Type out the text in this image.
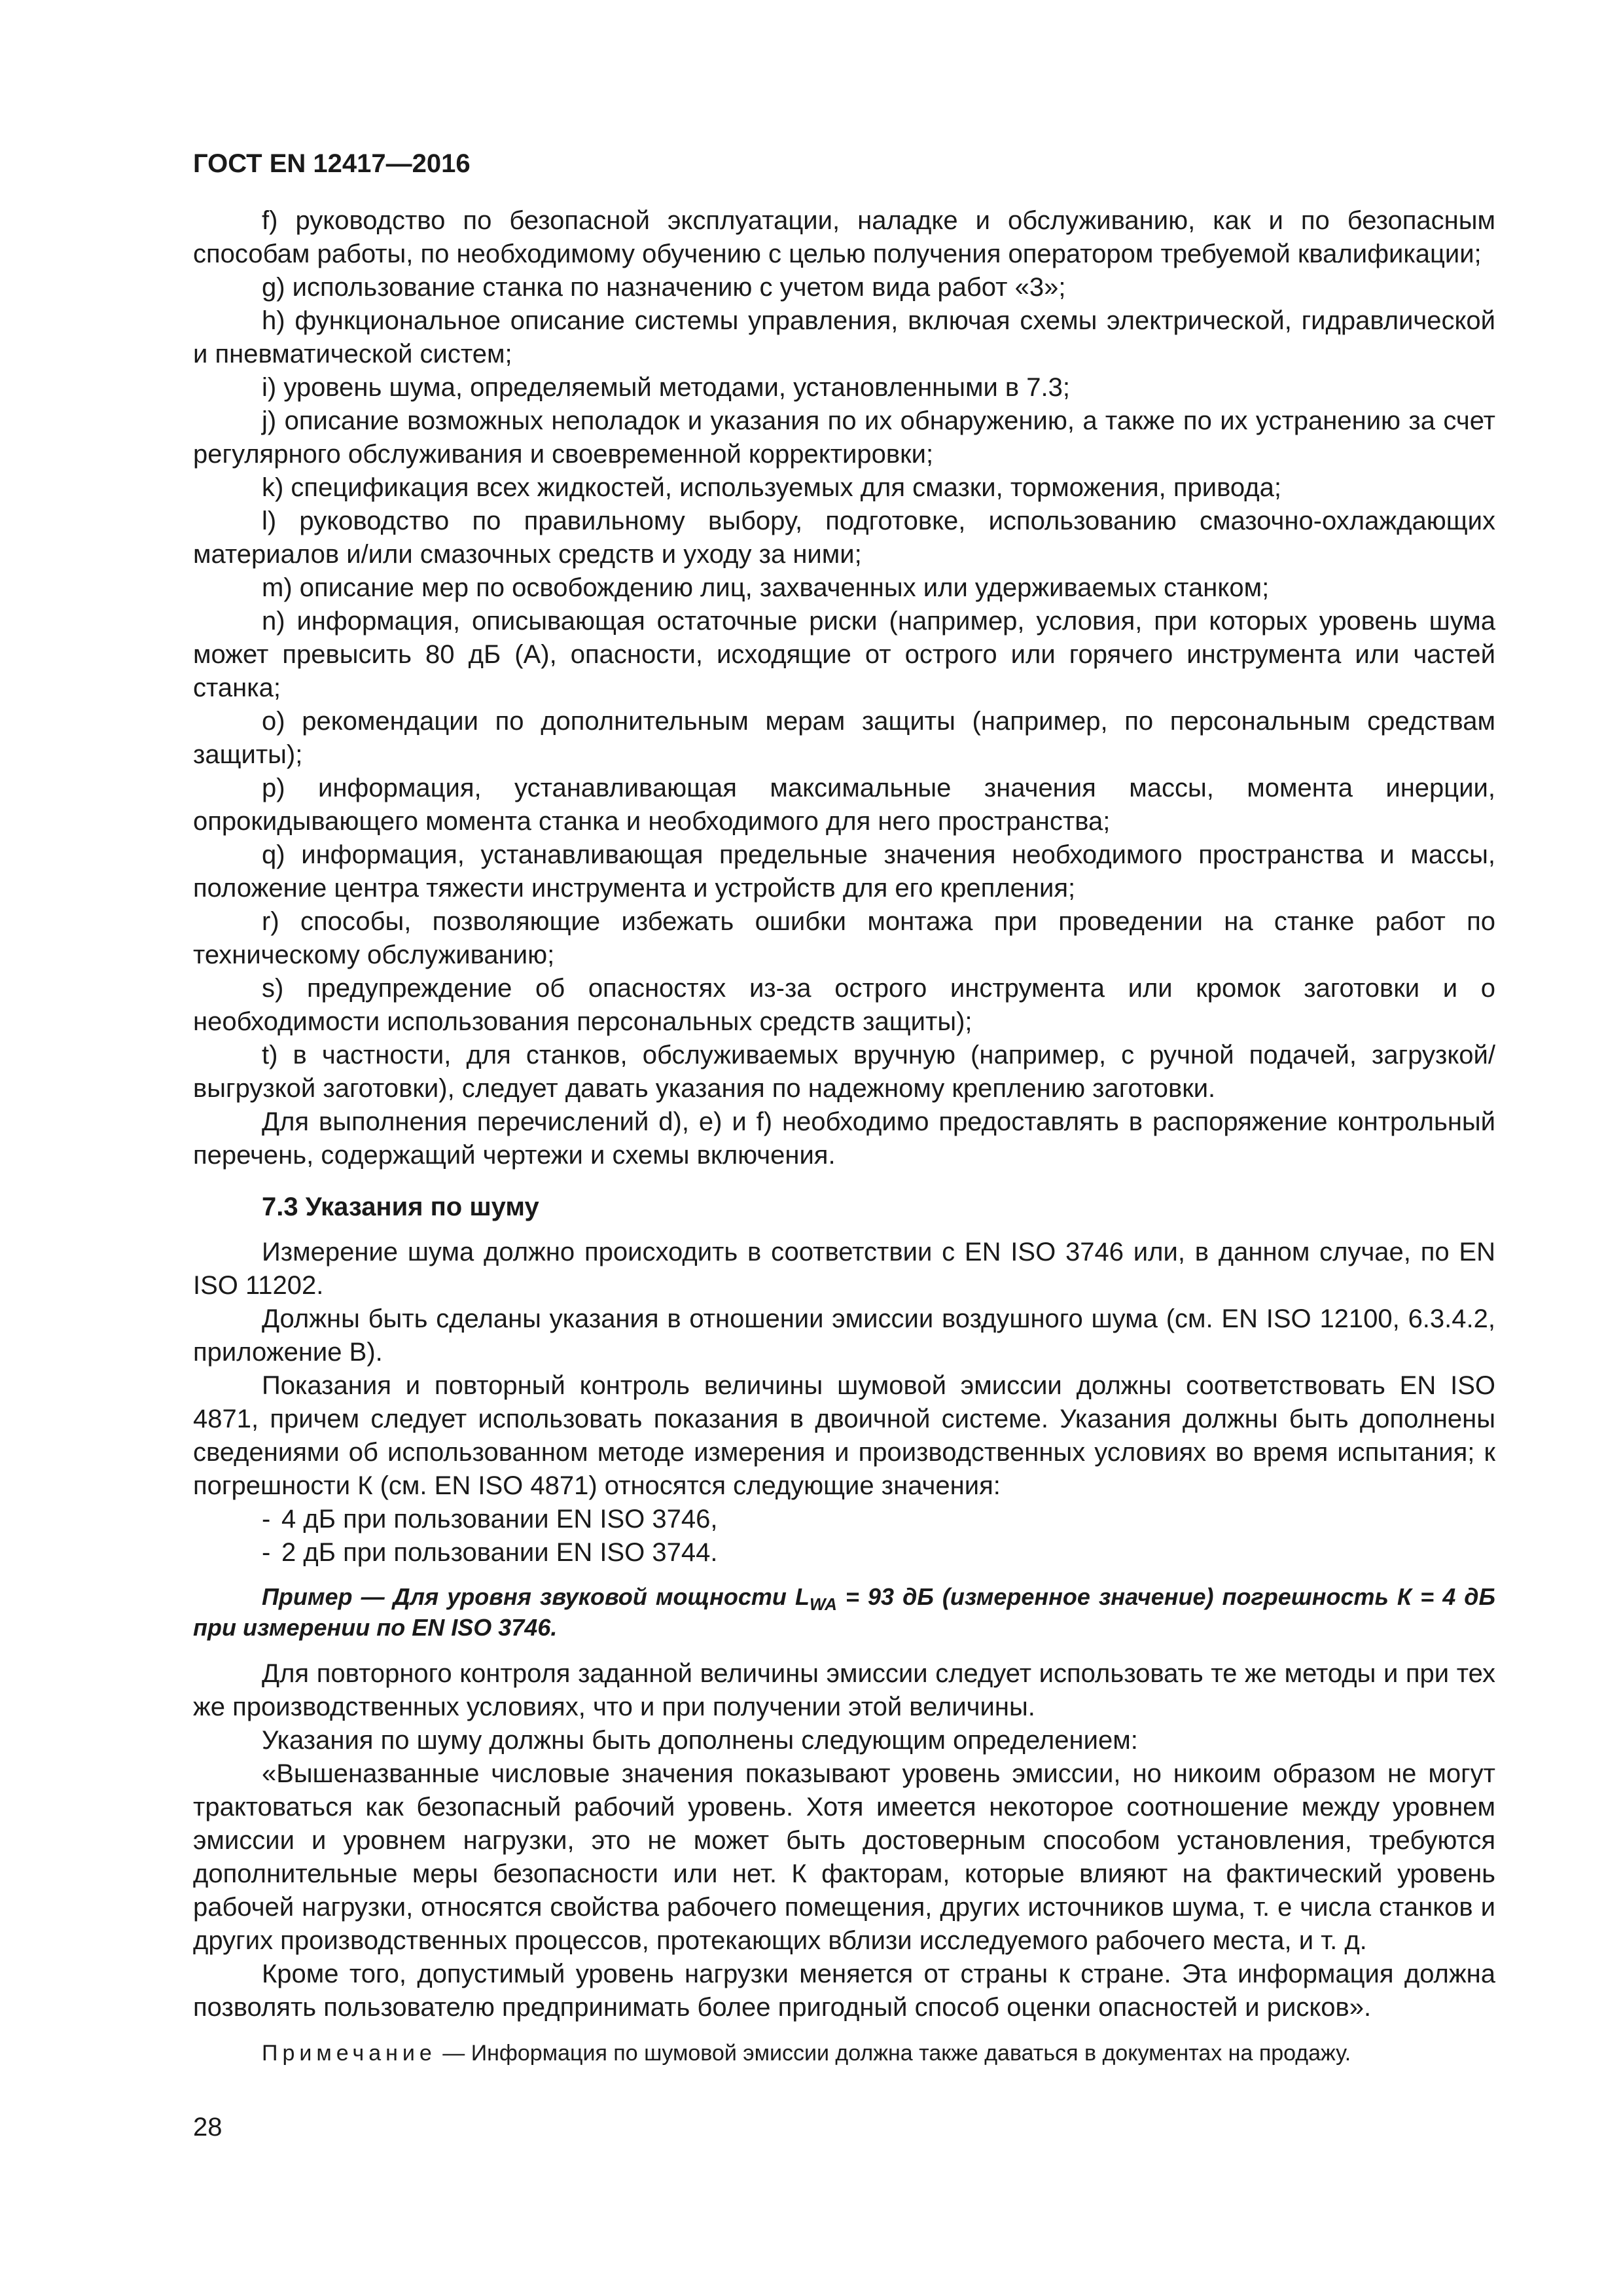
ГОСТ EN 12417—2016

f) руководство по безопасной эксплуатации, наладке и обслуживанию, как и по безопасным способам работы, по необходимому обучению с целью получения оператором требуемой квалификации;

g) использование станка по назначению с учетом вида работ «3»;

h) функциональное описание системы управления, включая схемы электрической, гидравлической и пневматической систем;

i) уровень шума, определяемый методами, установленными в 7.3;

j) описание возможных неполадок и указания по их обнаружению, а также по их устранению за счет регулярного обслуживания и своевременной корректировки;

k) спецификация всех жидкостей, используемых для смазки, торможения, привода;

l) руководство по правильному выбору, подготовке, использованию смазочно-охлаждающих материалов и/или смазочных средств и уходу за ними;

m) описание мер по освобождению лиц, захваченных или удерживаемых станком;

n) информация, описывающая остаточные риски (например, условия, при которых уровень шума может превысить 80 дБ (А), опасности, исходящие от острого или горячего инструмента или частей станка;

o) рекомендации по дополнительным мерам защиты (например, по персональным средствам защиты);

p) информация, устанавливающая максимальные значения массы, момента инерции, опрокидывающего момента станка и необходимого для него пространства;

q) информация, устанавливающая предельные значения необходимого пространства и массы, положение центра тяжести инструмента и устройств для его крепления;

r) способы, позволяющие избежать ошибки монтажа при проведении на станке работ по техническому обслуживанию;

s) предупреждение об опасностях из-за острого инструмента или кромок заготовки и о необходимости использования персональных средств защиты);

t) в частности, для станков, обслуживаемых вручную (например, с ручной подачей, загрузкой/выгрузкой заготовки), следует давать указания по надежному креплению заготовки.

Для выполнения перечислений d), e) и f) необходимо предоставлять в распоряжение контрольный перечень, содержащий чертежи и схемы включения.

7.3 Указания по шуму

Измерение шума должно происходить в соответствии с EN ISO 3746 или, в данном случае, по EN ISO 11202.

Должны быть сделаны указания в отношении эмиссии воздушного шума (см. EN ISO 12100, 6.3.4.2, приложение В).

Показания и повторный контроль величины шумовой эмиссии должны соответствовать EN ISO 4871, причем следует использовать показания в двоичной системе. Указания должны быть дополнены сведениями об использованном методе измерения и производственных условиях во время испытания; к погрешности К (см. EN ISO 4871) относятся следующие значения:

- 4 дБ при пользовании EN ISO 3746,
- 2 дБ при пользовании EN ISO 3744.

Пример — Для уровня звуковой мощности $L_{WA} = 93$ дБ (измеренное значение) погрешность К = 4 дБ при измерении по EN ISO 3746.

Для повторного контроля заданной величины эмиссии следует использовать те же методы и при тех же производственных условиях, что и при получении этой величины.

Указания по шуму должны быть дополнены следующим определением:

«Вышеназванные числовые значения показывают уровень эмиссии, но никоим образом не могут трактоваться как безопасный рабочий уровень. Хотя имеется некоторое соотношение между уровнем эмиссии и уровнем нагрузки, это не может быть достоверным способом установления, требуются дополнительные меры безопасности или нет. К факторам, которые влияют на фактический уровень рабочей нагрузки, относятся свойства рабочего помещения, других источников шума, т. е числа станков и других производственных процессов, протекающих вблизи исследуемого рабочего места, и т. д.

Кроме того, допустимый уровень нагрузки меняется от страны к стране. Эта информация должна позволять пользователю предпринимать более пригодный способ оценки опасностей и рисков».

Примечание — Информация по шумовой эмиссии должна также даваться в документах на продажу.

28
